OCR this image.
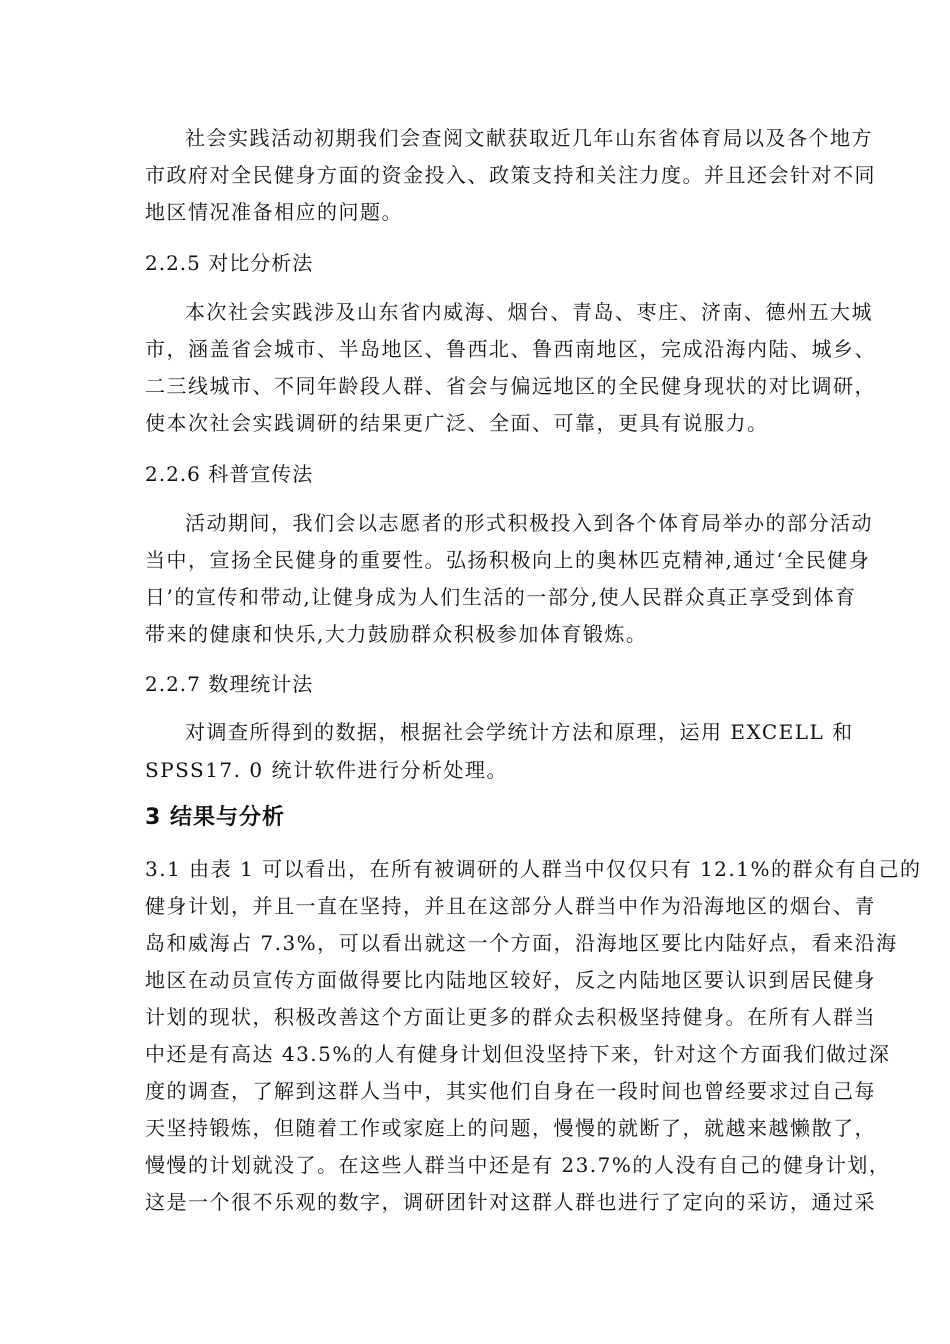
社会实践活动初期我们会查阅文献获取近几年山东省体育局以及各个地方
市政府对全民健身方面的资金投入、政策支持和关注力度。并且还会针对不同
地区情况准备相应的问题。
2.2.5 对比分析法
本次社会实践涉及山东省内威海、烟台、青岛、枣庄、济南、德州五大城
市，涵盖省会城市、半岛地区、鲁西北、鲁西南地区，完成沿海内陆、城乡、
二三线城市、不同年龄段人群、省会与偏远地区的全民健身现状的对比调研，
使本次社会实践调研的结果更广泛、全面、可靠，更具有说服力。
2.2.6 科普宣传法
活动期间，我们会以志愿者的形式积极投入到各个体育局举办的部分活动
当中，宣扬全民健身的重要性。弘扬积极向上的奥林匹克精神,通过‘全民健身
日’的宣传和带动,让健身成为人们生活的一部分,使人民群众真正享受到体育
带来的健康和快乐,大力鼓励群众积极参加体育锻炼。
2.2.7 数理统计法
对调查所得到的数据，根据社会学统计方法和原理，运用 EXCELL 和
SPSS17. 0 统计软件进行分析处理。
3 结果与分析
3.1 由表 1 可以看出，在所有被调研的人群当中仅仅只有 12.1%的群众有自己的
健身计划，并且一直在坚持，并且在这部分人群当中作为沿海地区的烟台、青
岛和威海占 7.3%，可以看出就这一个方面，沿海地区要比内陆好点，看来沿海
地区在动员宣传方面做得要比内陆地区较好，反之内陆地区要认识到居民健身
计划的现状，积极改善这个方面让更多的群众去积极坚持健身。在所有人群当
中还是有高达 43.5%的人有健身计划但没坚持下来，针对这个方面我们做过深
度的调查，了解到这群人当中，其实他们自身在一段时间也曾经要求过自己每
天坚持锻炼，但随着工作或家庭上的问题，慢慢的就断了，就越来越懒散了，
慢慢的计划就没了。在这些人群当中还是有 23.7%的人没有自己的健身计划，
这是一个很不乐观的数字，调研团针对这群人群也进行了定向的采访，通过采
